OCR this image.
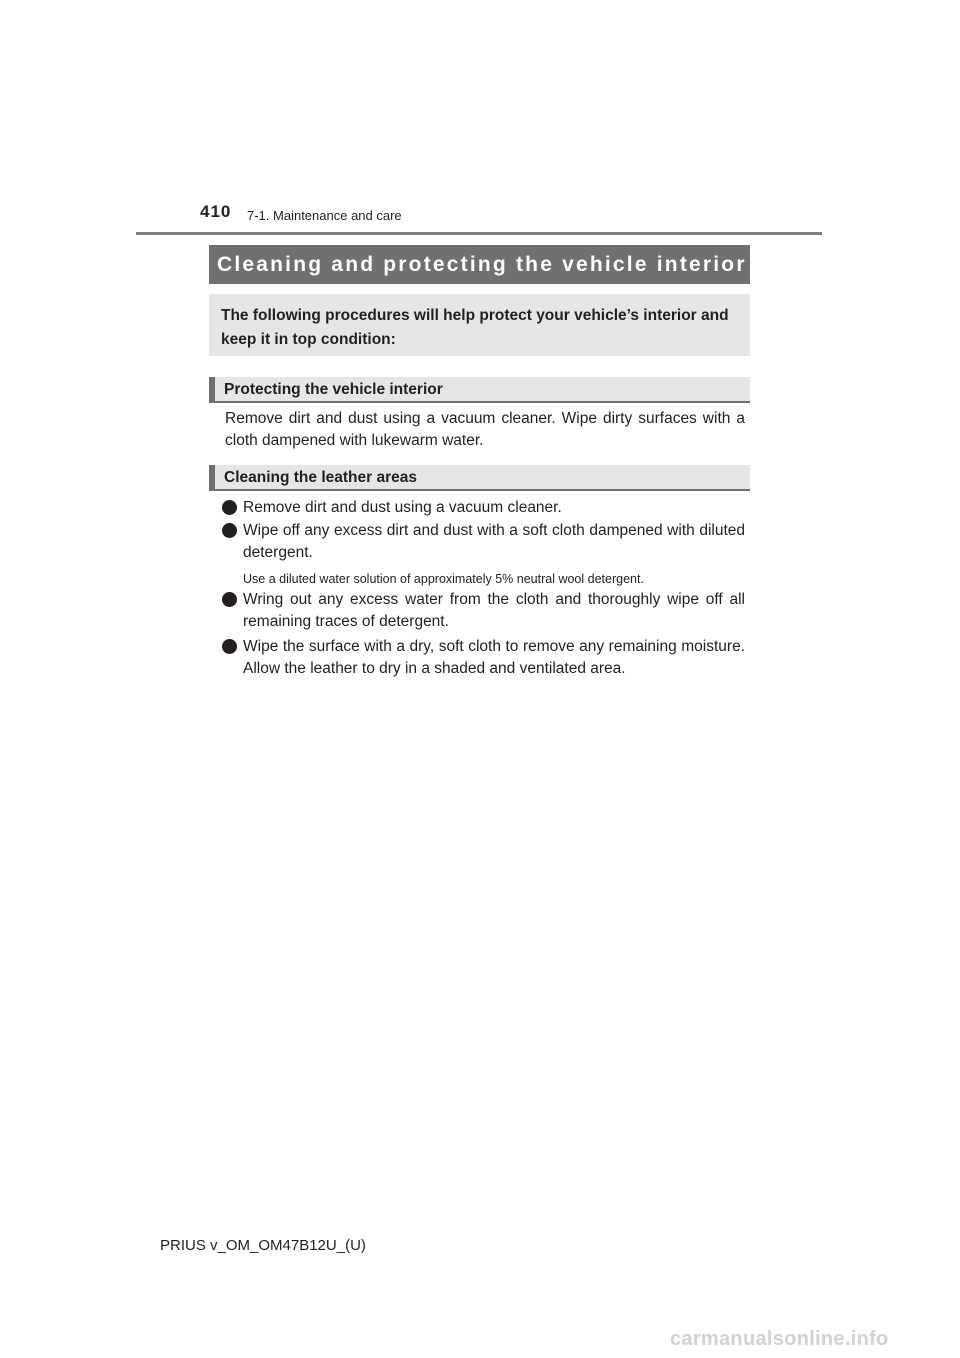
410 7-1. Maintenance and care
Cleaning and protecting the vehicle interior
The following procedures will help protect your vehicle’s interior and keep it in top condition:
Protecting the vehicle interior
Remove dirt and dust using a vacuum cleaner. Wipe dirty surfaces with a cloth dampened with lukewarm water.
Cleaning the leather areas
Remove dirt and dust using a vacuum cleaner.
Wipe off any excess dirt and dust with a soft cloth dampened with diluted detergent.
Use a diluted water solution of approximately 5% neutral wool detergent.
Wring out any excess water from the cloth and thoroughly wipe off all remaining traces of detergent.
Wipe the surface with a dry, soft cloth to remove any remaining moisture. Allow the leather to dry in a shaded and ventilated area.
PRIUS v_OM_OM47B12U_(U)
carmanualsonline.info
